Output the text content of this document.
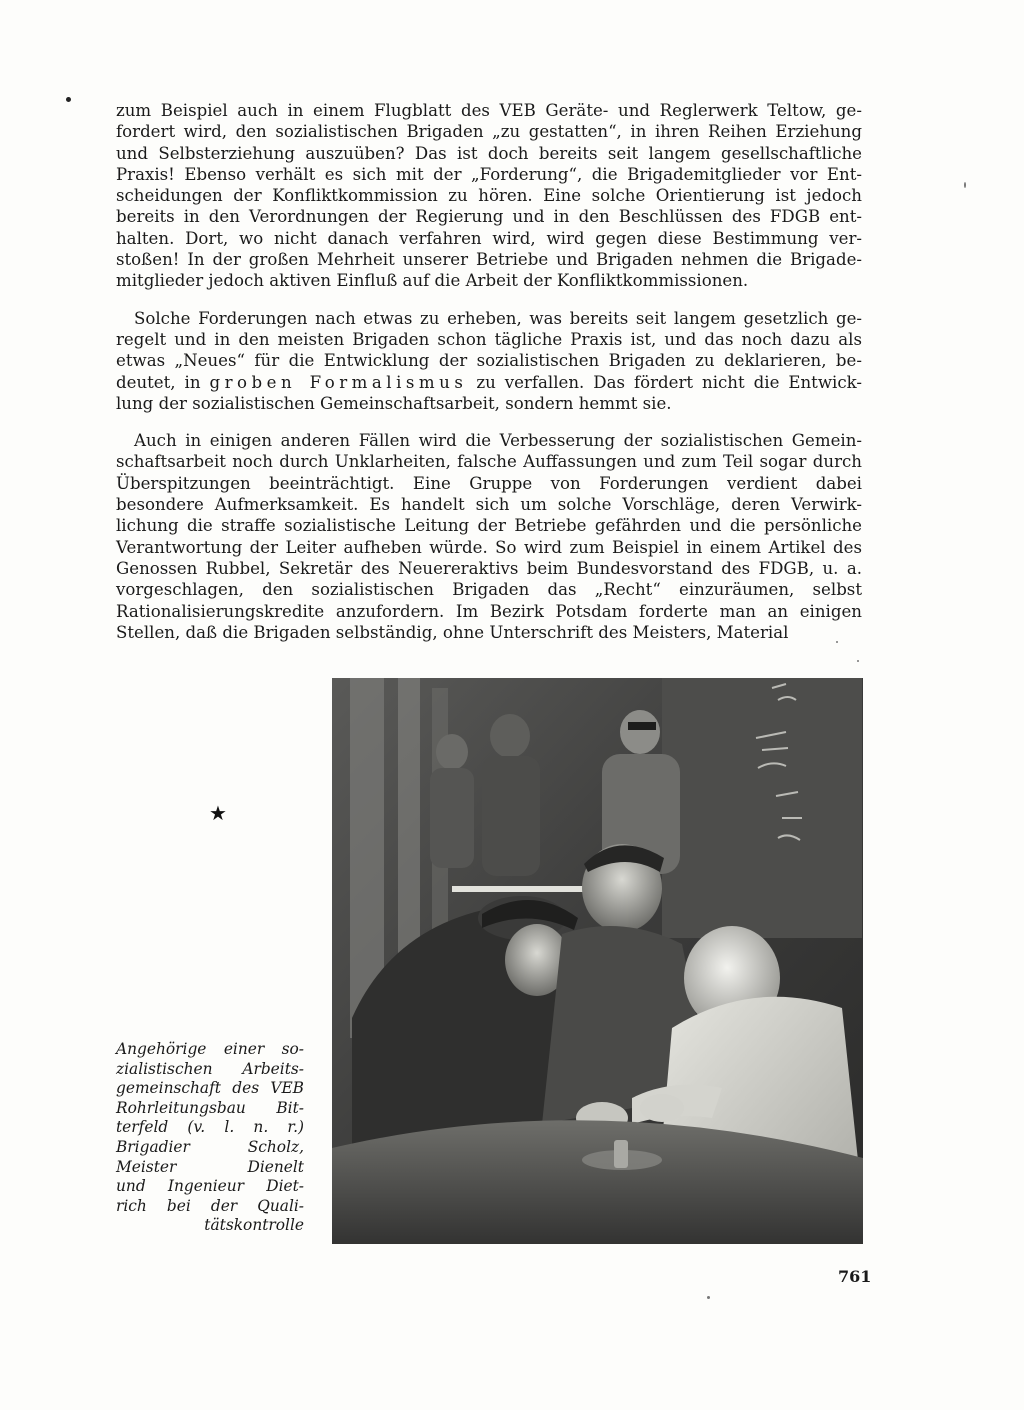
zum Beispiel auch in einem Flugblatt des VEB Geräte- und Reglerwerk Teltow, ge- fordert wird, den sozialistischen Brigaden „zu gestatten“, in ihren Reihen Erziehung und Selbsterziehung auszuüben? Das ist doch bereits seit langem gesellschaftliche Praxis! Ebenso verhält es sich mit der „Forderung“, die Brigademitglieder vor Ent- scheidungen der Konfliktkommission zu hören. Eine solche Orientierung ist jedoch bereits in den Verordnungen der Regierung und in den Beschlüssen des FDGB ent- halten. Dort, wo nicht danach verfahren wird, wird gegen diese Bestimmung ver- stoßen! In der großen Mehrheit unserer Betriebe und Brigaden nehmen die Brigade- mitglieder jedoch aktiven Einfluß auf die Arbeit der Konfliktkommissionen.

Solche Forderungen nach etwas zu erheben, was bereits seit langem gesetzlich ge- regelt und in den meisten Brigaden schon tägliche Praxis ist, und das noch dazu als etwas „Neues“ für die Entwicklung der sozialistischen Brigaden zu deklarieren, be- deutet, in groben Formalismus zu verfallen. Das fördert nicht die Entwick- lung der sozialistischen Gemeinschaftsarbeit, sondern hemmt sie.

Auch in einigen anderen Fällen wird die Verbesserung der sozialistischen Gemein- schaftsarbeit noch durch Unklarheiten, falsche Auffassungen und zum Teil sogar durch Überspitzungen beeinträchtigt. Eine Gruppe von Forderungen verdient dabei besondere Aufmerksamkeit. Es handelt sich um solche Vorschläge, deren Verwirk- lichung die straffe sozialistische Leitung der Betriebe gefährden und die persönliche Verantwortung der Leiter aufheben würde. So wird zum Beispiel in einem Artikel des Genossen Rubbel, Sekretär des Neuereraktivs beim Bundesvorstand des FDGB, u. a. vorgeschlagen, den sozialistischen Brigaden das „Recht“ einzuräumen, selbst Rationalisierungskredite anzufordern. Im Bezirk Potsdam forderte man an einigen Stellen, daß die Brigaden selbständig, ohne Unterschrift des Meisters, Material

★
Angehörige einer so-
zialistischen Arbeits-
gemeinschaft des VEB
Rohrleitungsbau Bit-
terfeld (v. l. n. r.)
Brigadier Scholz,
Meister Dienelt
und Ingenieur Diet-
rich bei der Quali-
tätskontrolle
761
